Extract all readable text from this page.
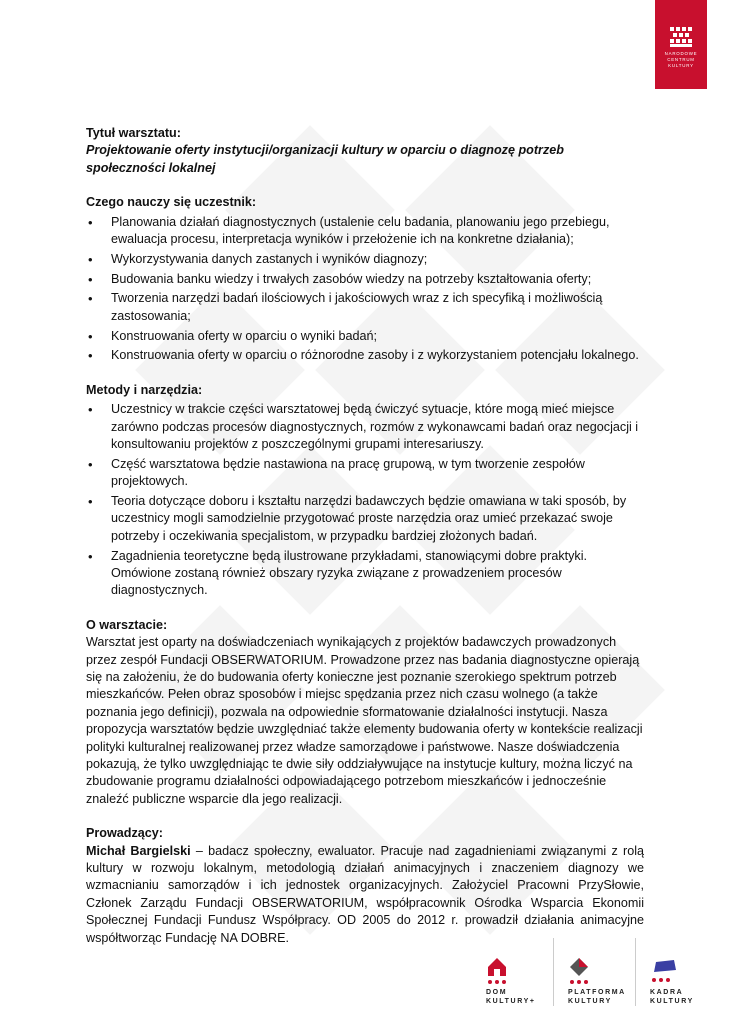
NARODOWE
CENTRUM
KULTURY
Tytuł warsztatu:

Projektowanie oferty instytucji/organizacji kultury w oparciu o diagnozę potrzeb społeczności lokalnej

Czego nauczy się uczestnik:
• Planowania działań diagnostycznych (ustalenie celu badania, planowaniu jego przebiegu, ewaluacja procesu, interpretacja wyników i przełożenie ich na konkretne działania);
• Wykorzystywania danych zastanych i wyników diagnozy;
• Budowania banku wiedzy i trwałych zasobów wiedzy na potrzeby kształtowania oferty;
• Tworzenia narzędzi badań ilościowych i jakościowych wraz z ich specyfiką i możliwością zastosowania;
• Konstruowania oferty w oparciu o wyniki badań;
• Konstruowania oferty w oparciu o różnorodne zasoby i z wykorzystaniem potencjału lokalnego.
Metody i narzędzia:
• Uczestnicy w trakcie części warsztatowej będą ćwiczyć sytuacje, które mogą mieć miejsce zarówno podczas procesów diagnostycznych, rozmów z wykonawcami badań oraz negocjacji i konsultowaniu projektów z poszczególnymi grupami interesariuszy.
• Część warsztatowa będzie nastawiona na pracę grupową, w tym tworzenie zespołów projektowych.
• Teoria dotyczące doboru i kształtu narzędzi badawczych będzie omawiana w taki sposób, by uczestnicy mogli samodzielnie przygotować proste narzędzia oraz umieć przekazać swoje potrzeby i oczekiwania specjalistom, w przypadku bardziej złożonych badań.
• Zagadnienia teoretyczne będą ilustrowane przykładami, stanowiącymi dobre praktyki. Omówione zostaną również obszary ryzyka związane z prowadzeniem procesów diagnostycznych.
O warsztacie:

Warsztat jest oparty na doświadczeniach wynikających z projektów badawczych prowadzonych przez zespół Fundacji OBSERWATORIUM. Prowadzone przez nas badania diagnostyczne opierają się na założeniu, że do budowania oferty konieczne jest poznanie szerokiego spektrum potrzeb mieszkańców. Pełen obraz sposobów i miejsc spędzania przez nich czasu wolnego (a także poznania jego definicji), pozwala na odpowiednie sformatowanie działalności instytucji. Nasza propozycja warsztatów będzie uwzględniać także elementy budowania oferty w kontekście realizacji polityki kulturalnej realizowanej przez władze samorządowe i państwowe. Nasze doświadczenia pokazują, że tylko uwzględniając te dwie siły oddziaływujące na instytucje kultury, można liczyć na zbudowanie programu działalności odpowiadającego potrzebom mieszkańców i jednocześnie znaleźć publiczne wsparcie dla jego realizacji.

Prowadzący:

Michał Bargielski – badacz społeczny, ewaluator. Pracuje nad zagadnieniami związanymi z rolą kultury w rozwoju lokalnym, metodologią działań animacyjnych i znaczeniem diagnozy we wzmacnianiu samorządów i ich jednostek organizacyjnych. Założyciel Pracowni PrzySłowie, Członek Zarządu Fundacji OBSERWATORIUM, współpracownik Ośrodka Wsparcia Ekonomii Społecznej Fundacji Fundusz Współpracy. OD 2005 do 2012 r. prowadził działania animacyjne współtworząc Fundację NA DOBRE.

DOM
KULTURY+
PLATFORMA
KULTURY
KADRA
KULTURY
